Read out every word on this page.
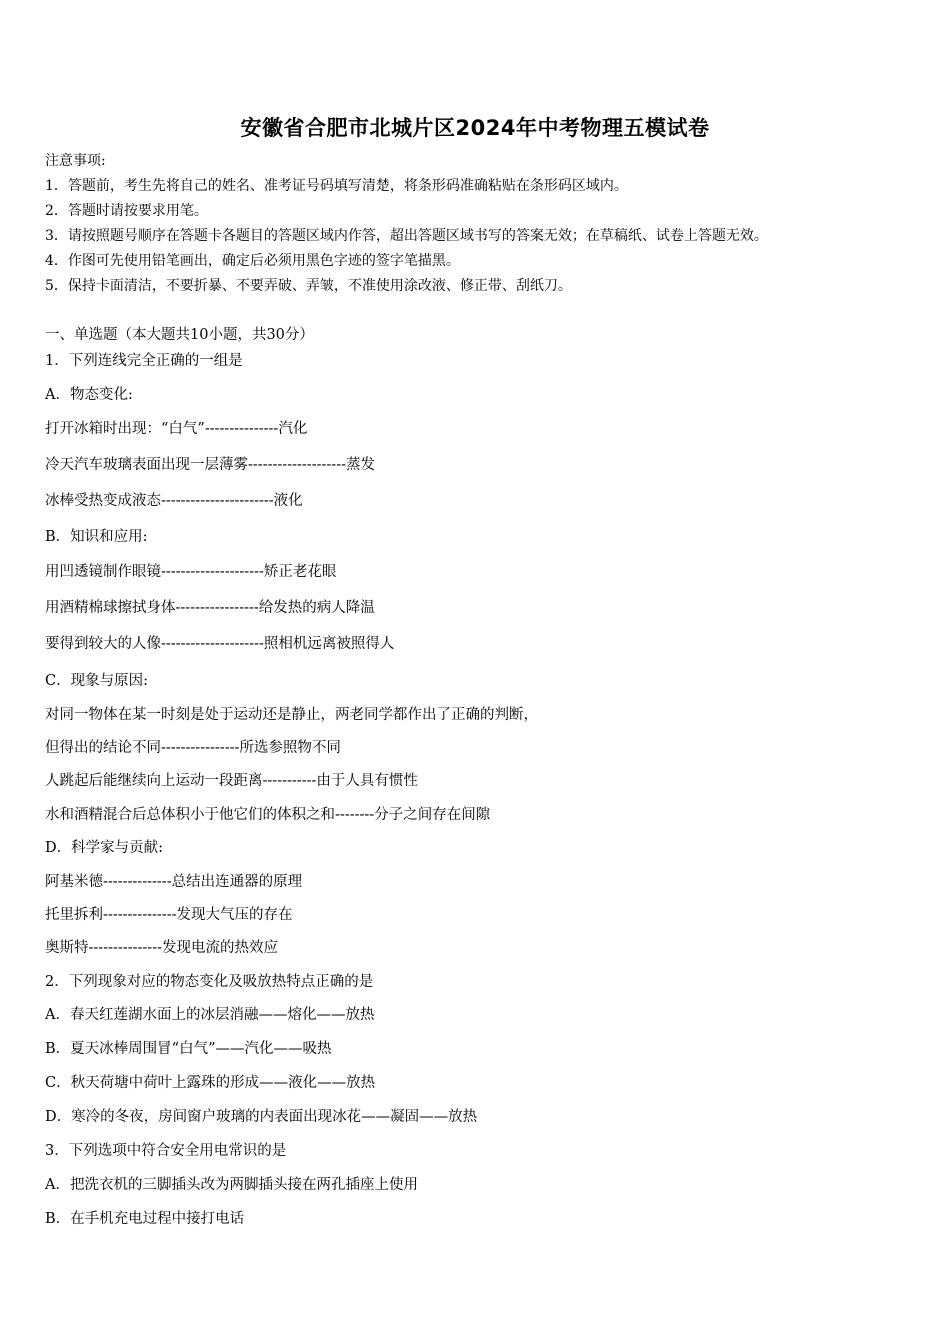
安徽省合肥市北城片区2024年中考物理五模试卷
注意事项:
1．答题前，考生先将自己的姓名、准考证号码填写清楚，将条形码准确粘贴在条形码区域内。
2．答题时请按要求用笔。
3．请按照题号顺序在答题卡各题目的答题区域内作答，超出答题区域书写的答案无效；在草稿纸、试卷上答题无效。
4．作图可先使用铅笔画出，确定后必须用黑色字迹的签字笔描黑。
5．保持卡面清洁，不要折暴、不要弄破、弄皱，不准使用涂改液、修正带、刮纸刀。
一、单选题（本大题共10小题，共30分）
1．下列连线完全正确的一组是
A．物态变化:
打开冰箱时出现：“白气”---------------汽化
冷天汽车玻璃表面出现一层薄雾--------------------蒸发
冰棒受热变成液态-----------------------液化
B．知识和应用:
用凹透镜制作眼镜---------------------矫正老花眼
用酒精棉球擦拭身体-----------------给发热的病人降温
要得到较大的人像---------------------照相机远离被照得人
C．现象与原因:
对同一物体在某一时刻是处于运动还是静止，两老同学都作出了正确的判断，
但得出的结论不同----------------所选参照物不同
人跳起后能继续向上运动一段距离-----------由于人具有惯性
水和酒精混合后总体积小于他它们的体积之和--------分子之间存在间隙
D．科学家与贡献:
阿基米德--------------总结出连通器的原理
托里拆利---------------发现大气压的存在
奥斯特---------------发现电流的热效应
2．下列现象对应的物态变化及吸放热特点正确的是
A．春天红莲湖水面上的冰层消融——熔化——放热
B．夏天冰棒周围冒“白气”——汽化——吸热
C．秋天荷塘中荷叶上露珠的形成——液化——放热
D．寒冷的冬夜，房间窗户玻璃的内表面出现冰花——凝固——放热
3．下列选项中符合安全用电常识的是
A．把洗衣机的三脚插头改为两脚插头接在两孔插座上使用
B．在手机充电过程中接打电话
